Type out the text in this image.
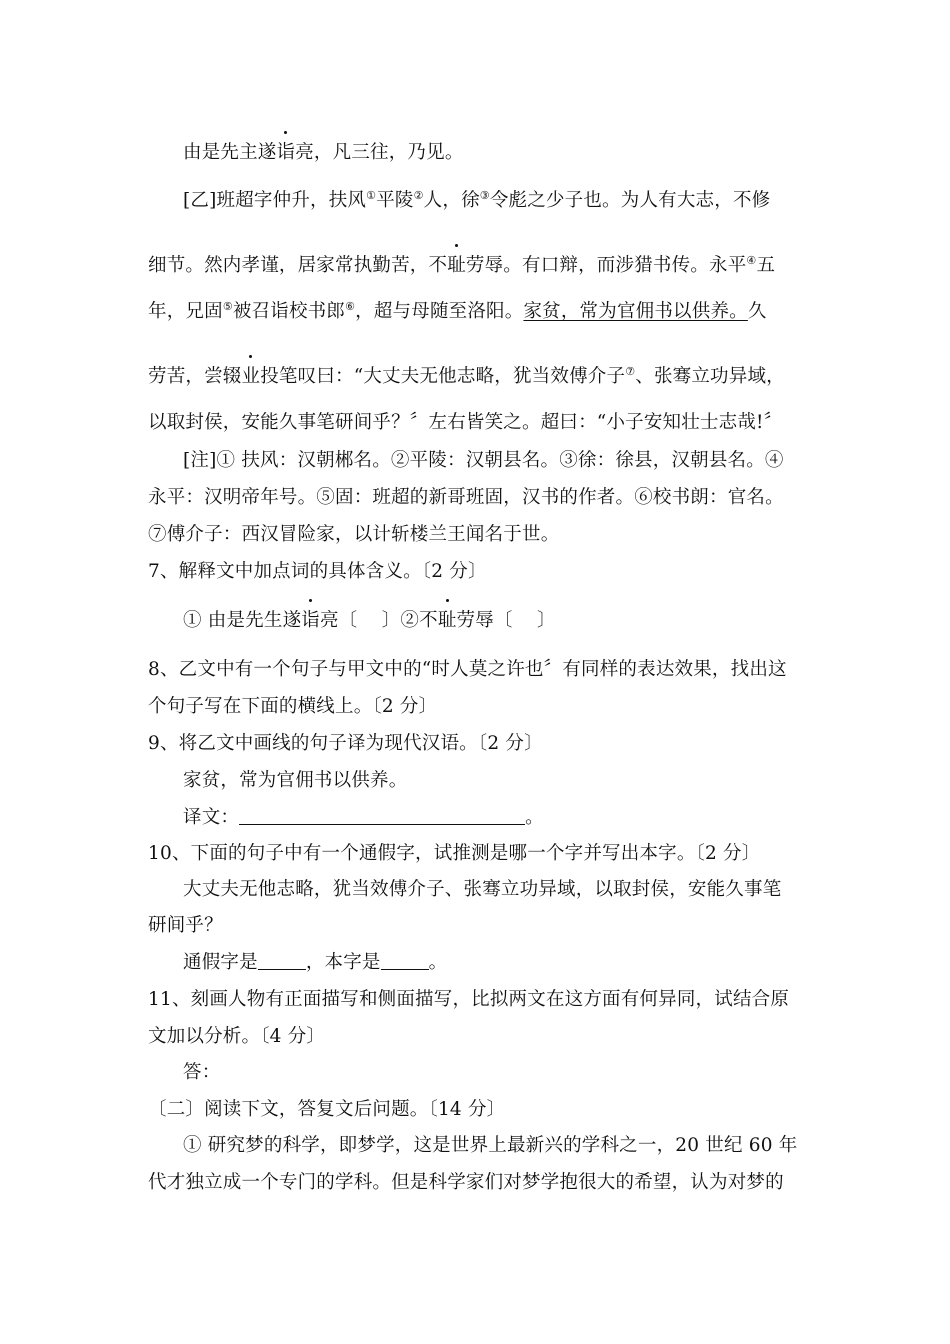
由是先主遂诣亮，凡三往，乃见。
[乙]班超字仲升，扶风①平陵②人，徐③令彪之少子也。为人有大志，不修
细节。然内孝谨，居家常执勤苦，不耻劳辱。有口辩，而涉猎书传。永平④五
年，兄固⑤被召诣校书郎⑥，超与母随至洛阳。家贫，常为官佣书以供养。久
劳苦，尝辍业投笔叹曰：“大丈夫无他志略，犹当效傅介子⑦、张骞立功异域，
以取封侯，安能久事笔研间乎？〞左右皆笑之。超曰：“小子安知壮士志哉!〞
[注]① 扶风：汉朝郴名。②平陵：汉朝县名。③徐：徐县，汉朝县名。④
永平：汉明帝年号。⑤固：班超的新哥班固，汉书的作者。⑥校书朗：官名。
⑦傅介子：西汉冒险家，以计斩楼兰王闻名于世。
7、解释文中加点词的具体含义。〔2 分〕
① 由是先生遂诣亮〔    〕②不耻劳辱〔    〕
8、乙文中有一个句子与甲文中的“时人莫之许也〞有同样的表达效果，找出这
个句子写在下面的横线上。〔2 分〕
9、将乙文中画线的句子译为现代汉语。〔2 分〕
家贫，常为官佣书以供养。
译文：	。
10、下面的句子中有一个通假字，试推测是哪一个字并写出本字。〔2 分〕
大丈夫无他志略，犹当效傅介子、张骞立功异域，以取封侯，安能久事笔
研间乎？
通假字是	，本字是	。
11、刻画人物有正面描写和侧面描写，比拟两文在这方面有何异同，试结合原
文加以分析。〔4 分〕
答：
〔二〕阅读下文，答复文后问题。〔14 分〕
① 研究梦的科学，即梦学，这是世界上最新兴的学科之一，20 世纪 60 年
代才独立成一个专门的学科。但是科学家们对梦学抱很大的希望，认为对梦的
